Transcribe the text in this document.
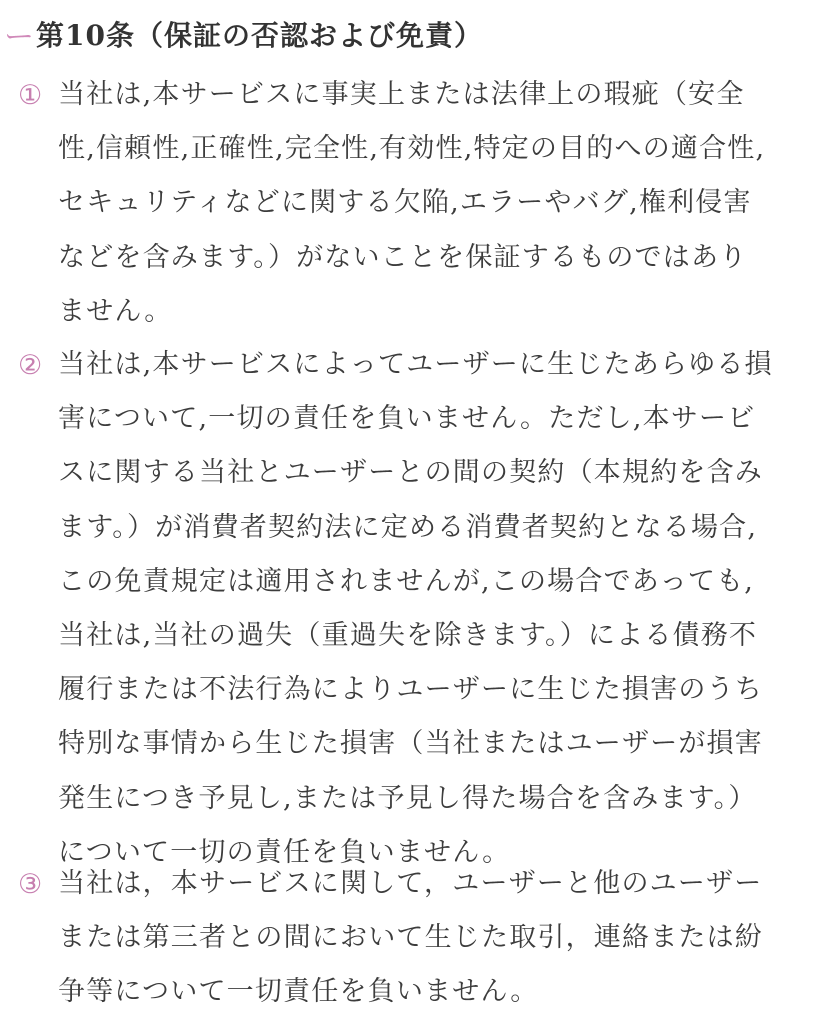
ー 第10条（保証の否認および免責）
① 当社は,本サービスに事実上または法律上の瑕疵（安全
性,信頼性,正確性,完全性,有効性,特定の目的への適合性,
セキュリティなどに関する欠陥,エラーやバグ,権利侵害
などを含みます。）がないことを保証するものではあり
ません。
② 当社は,本サービスによってユーザーに生じたあらゆる損
害について,一切の責任を負いません。ただし,本サービ
スに関する当社とユーザーとの間の契約（本規約を含み
ます。）が消費者契約法に定める消費者契約となる場合,
この免責規定は適用されませんが,この場合であっても,
当社は,当社の過失（重過失を除きます。）による債務不
履行または不法行為によりユーザーに生じた損害のうち
特別な事情から生じた損害（当社またはユーザーが損害
発生につき予見し,または予見し得た場合を含みます。）
について一切の責任を負いません。
③ 当社は，本サービスに関して，ユーザーと他のユーザー
または第三者との間において生じた取引，連絡または紛
争等について一切責任を負いません。
